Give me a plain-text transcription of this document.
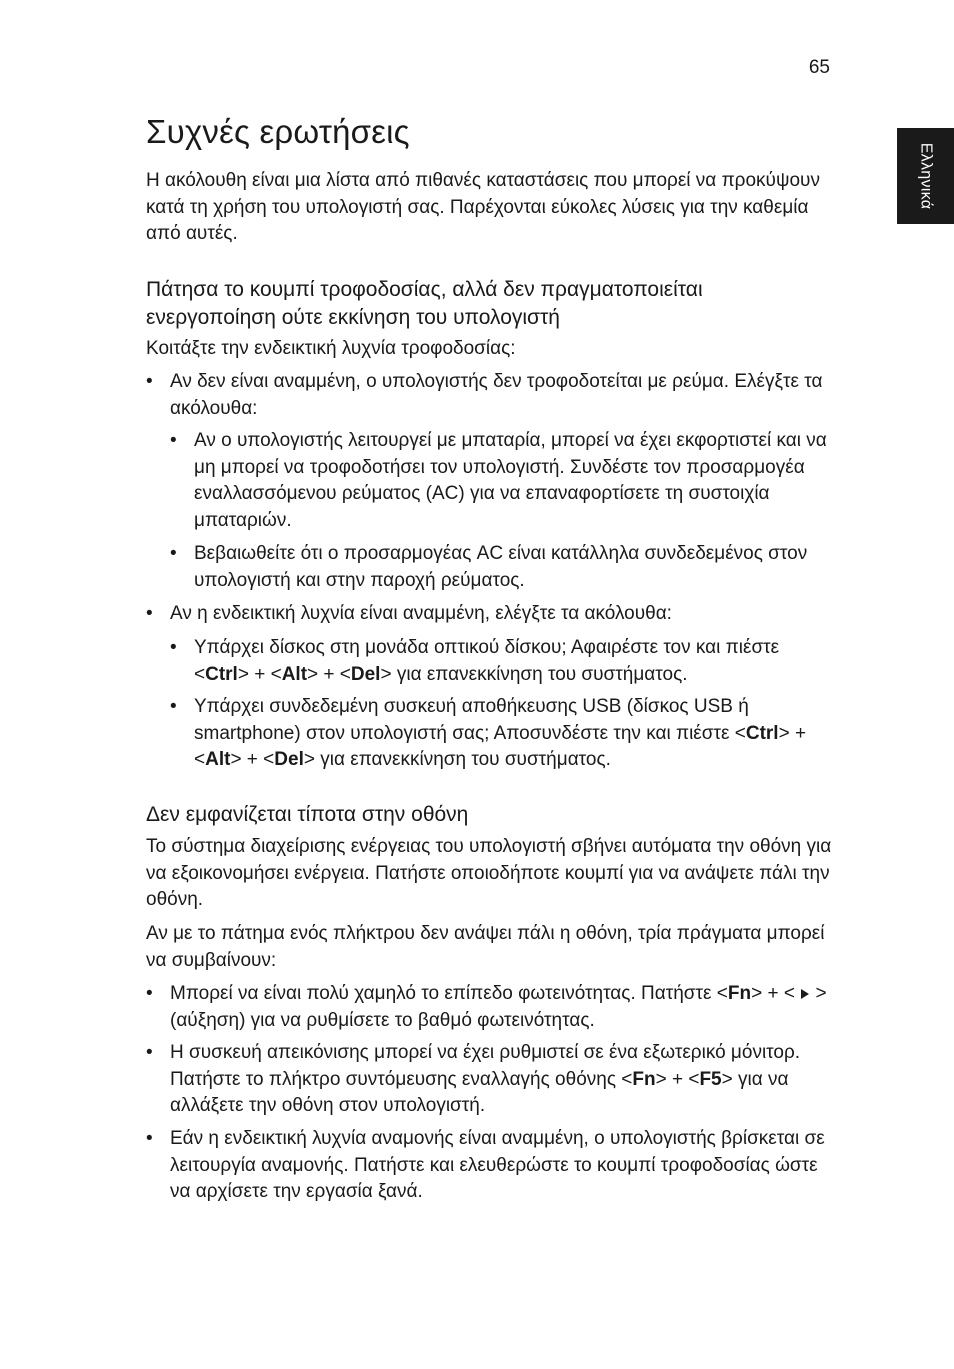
65
Ελληνικά
Συχνές ερωτήσεις

Η ακόλουθη είναι μια λίστα από πιθανές καταστάσεις που μπορεί να προκύψουν κατά τη χρήση του υπολογιστή σας. Παρέχονται εύκολες λύσεις για την καθεμία από αυτές.

Πάτησα το κουμπί τροφοδοσίας, αλλά δεν πραγματοποιείται ενεργοποίηση ούτε εκκίνηση του υπολογιστή

Κοιτάξτε την ενδεικτική λυχνία τροφοδοσίας:

• Αν δεν είναι αναμμένη, ο υπολογιστής δεν τροφοδοτείται με ρεύμα. Ελέγξτε τα ακόλουθα:
• Αν ο υπολογιστής λειτουργεί με μπαταρία, μπορεί να έχει εκφορτιστεί και να μη μπορεί να τροφοδοτήσει τον υπολογιστή. Συνδέστε τον προσαρμογέα εναλλασσόμενου ρεύματος (AC) για να επαναφορτίσετε τη συστοιχία μπαταριών.
• Βεβαιωθείτε ότι ο προσαρμογέας AC είναι κατάλληλα συνδεδεμένος στον υπολογιστή και στην παροχή ρεύματος.
• Αν η ενδεικτική λυχνία είναι αναμμένη, ελέγξτε τα ακόλουθα:
• Υπάρχει δίσκος στη μονάδα οπτικού δίσκου; Αφαιρέστε τον και πιέστε <Ctrl> + <Alt> + <Del> για επανεκκίνηση του συστήματος.
• Υπάρχει συνδεδεμένη συσκευή αποθήκευσης USB (δίσκος USB ή smartphone) στον υπολογιστή σας; Αποσυνδέστε την και πιέστε <Ctrl> + <Alt> + <Del> για επανεκκίνηση του συστήματος.
Δεν εμφανίζεται τίποτα στην οθόνη

Το σύστημα διαχείρισης ενέργειας του υπολογιστή σβήνει αυτόματα την οθόνη για να εξοικονομήσει ενέργεια. Πατήστε οποιοδήποτε κουμπί για να ανάψετε πάλι την οθόνη.

Αν με το πάτημα ενός πλήκτρου δεν ανάψει πάλι η οθόνη, τρία πράγματα μπορεί να συμβαίνουν:

• Μπορεί να είναι πολύ χαμηλό το επίπεδο φωτεινότητας. Πατήστε <Fn> + <  > (αύξηση) για να ρυθμίσετε το βαθμό φωτεινότητας.
• Η συσκευή απεικόνισης μπορεί να έχει ρυθμιστεί σε ένα εξωτερικό μόνιτορ. Πατήστε το πλήκτρο συντόμευσης εναλλαγής οθόνης <Fn> + <F5> για να αλλάξετε την οθόνη στον υπολογιστή.
• Εάν η ενδεικτική λυχνία αναμονής είναι αναμμένη, ο υπολογιστής βρίσκεται σε λειτουργία αναμονής. Πατήστε και ελευθερώστε το κουμπί τροφοδοσίας ώστε να αρχίσετε την εργασία ξανά.
